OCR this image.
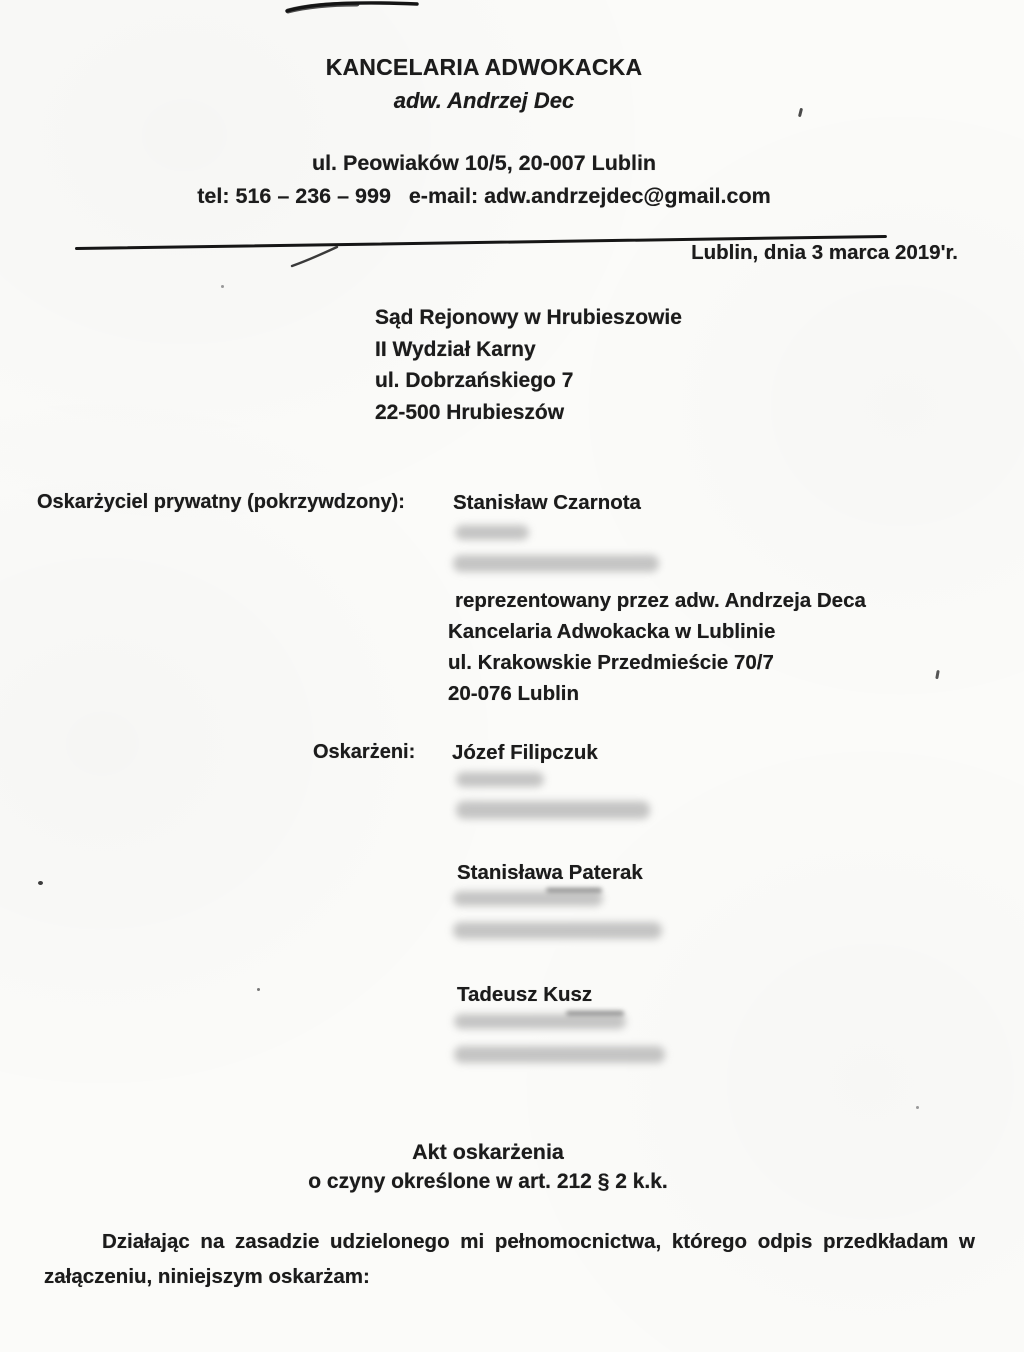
KANCELARIA ADWOKACKA
adw. Andrzej Dec
ul. Peowiaków 10/5, 20-007 Lublin
tel: 516 – 236 – 999   e-mail: adw.andrzejdec@gmail.com
Lublin, dnia 3 marca 2019'r.
Sąd Rejonowy w Hrubieszowie
II Wydział Karny
ul. Dobrzańskiego 7
22-500 Hrubieszów
Oskarżyciel prywatny (pokrzywdzony): Stanisław Czarnota
reprezentowany przez adw. Andrzeja Deca
Kancelaria Adwokacka w Lublinie
ul. Krakowskie Przedmieście 70/7
20-076 Lublin
Oskarżeni: Józef Filipczuk
Stanisława Paterak
Tadeusz Kusz
Akt oskarżenia
o czyny określone w art. 212 § 2 k.k.
Działając na zasadzie udzielonego mi pełnomocnictwa, którego odpis przedkładam w
załączeniu, niniejszym oskarżam:
